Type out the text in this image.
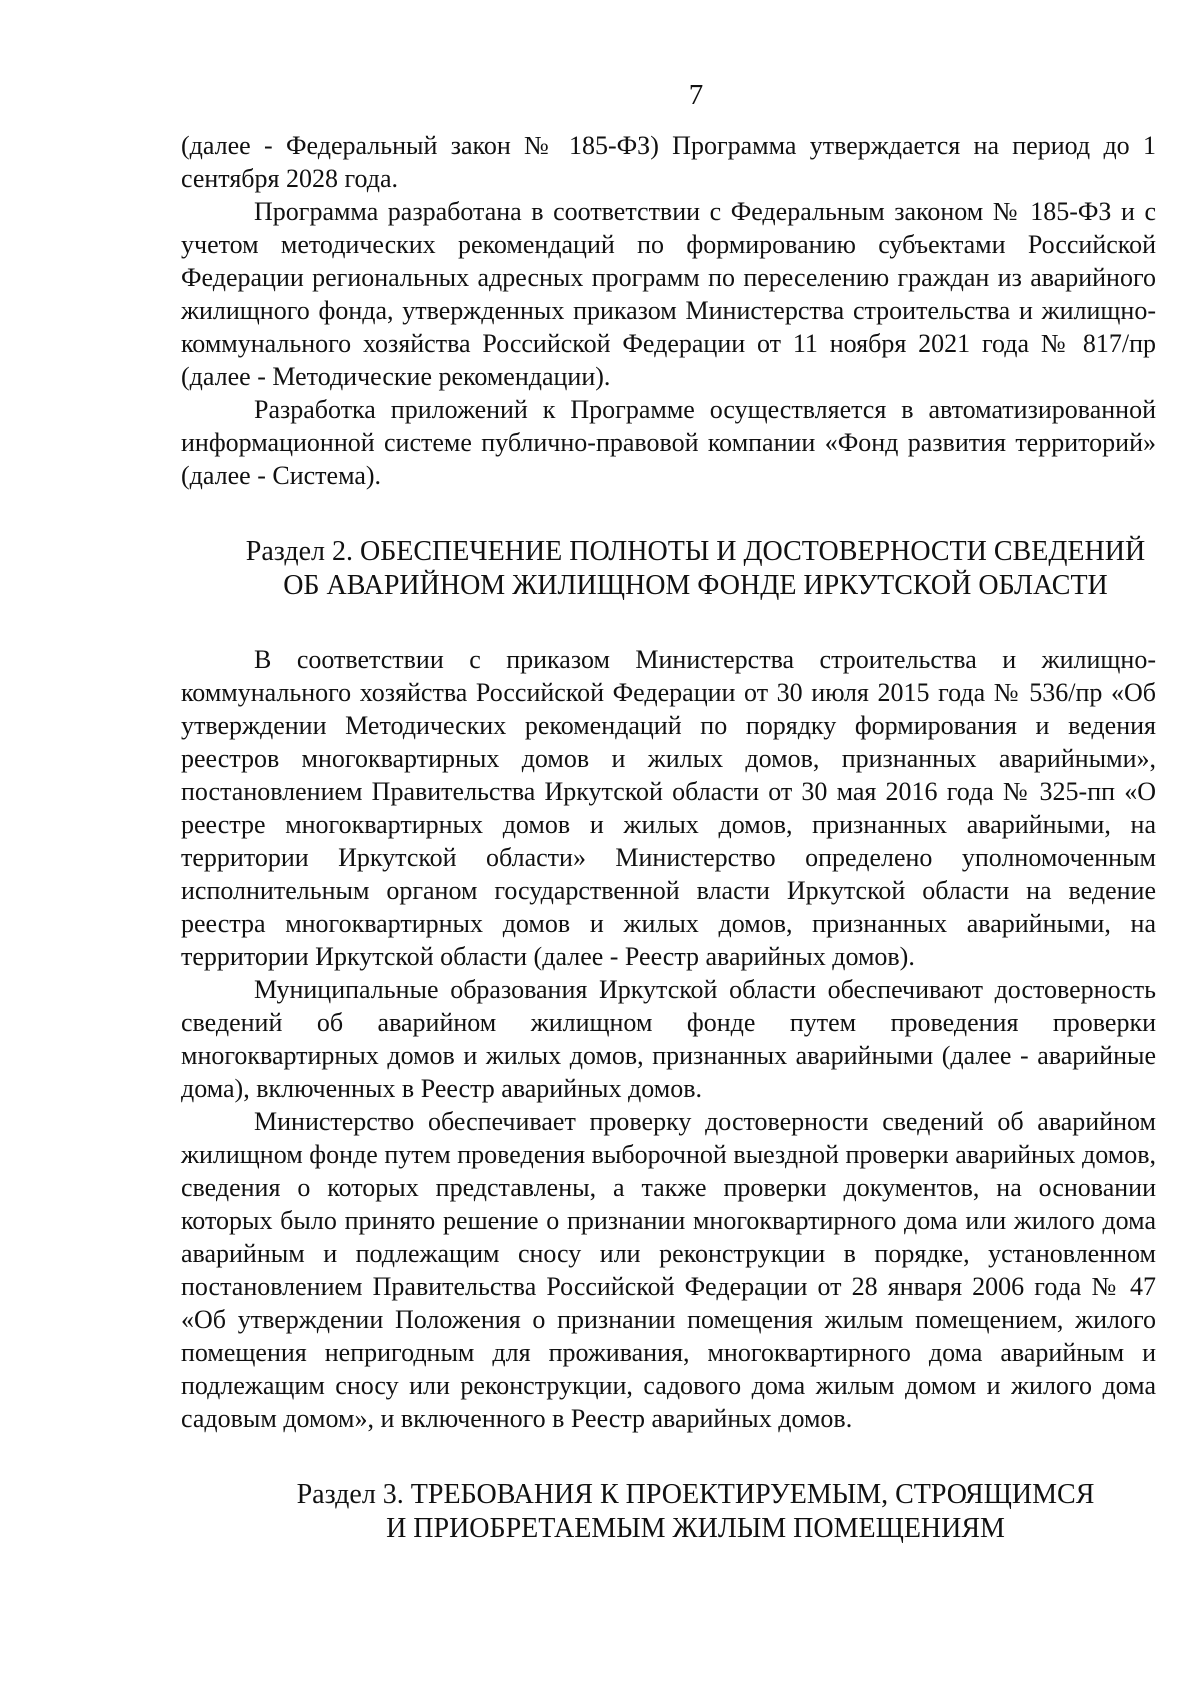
7

(далее - Федеральный закон № 185-ФЗ) Программа утверждается на период до 1 сентября 2028 года.

Программа разработана в соответствии с Федеральным законом № 185-ФЗ и с учетом методических рекомендаций по формированию субъектами Российской Федерации региональных адресных программ по переселению граждан из аварийного жилищного фонда, утвержденных приказом Министерства строительства и жилищно-коммунального хозяйства Российской Федерации от 11 ноября 2021 года № 817/пр (далее - Методические рекомендации).

Разработка приложений к Программе осуществляется в автоматизированной информационной системе публично-правовой компании «Фонд развития территорий» (далее - Система).

Раздел 2. ОБЕСПЕЧЕНИЕ ПОЛНОТЫ И ДОСТОВЕРНОСТИ СВЕДЕНИЙ
ОБ АВАРИЙНОМ ЖИЛИЩНОМ ФОНДЕ ИРКУТСКОЙ ОБЛАСТИ

В соответствии с приказом Министерства строительства и жилищно-коммунального хозяйства Российской Федерации от 30 июля 2015 года № 536/пр «Об утверждении Методических рекомендаций по порядку формирования и ведения реестров многоквартирных домов и жилых домов, признанных аварийными», постановлением Правительства Иркутской области от 30 мая 2016 года № 325-пп «О реестре многоквартирных домов и жилых домов, признанных аварийными, на территории Иркутской области» Министерство определено уполномоченным исполнительным органом государственной власти Иркутской области на ведение реестра многоквартирных домов и жилых домов, признанных аварийными, на территории Иркутской области (далее - Реестр аварийных домов).

Муниципальные образования Иркутской области обеспечивают достоверность сведений об аварийном жилищном фонде путем проведения проверки многоквартирных домов и жилых домов, признанных аварийными (далее - аварийные дома), включенных в Реестр аварийных домов.

Министерство обеспечивает проверку достоверности сведений об аварийном жилищном фонде путем проведения выборочной выездной проверки аварийных домов, сведения о которых представлены, а также проверки документов, на основании которых было принято решение о признании многоквартирного дома или жилого дома аварийным и подлежащим сносу или реконструкции в порядке, установленном постановлением Правительства Российской Федерации от 28 января 2006 года № 47 «Об утверждении Положения о признании помещения жилым помещением, жилого помещения непригодным для проживания, многоквартирного дома аварийным и подлежащим сносу или реконструкции, садового дома жилым домом и жилого дома садовым домом», и включенного в Реестр аварийных домов.

Раздел 3. ТРЕБОВАНИЯ К ПРОЕКТИРУЕМЫМ, СТРОЯЩИМСЯ
И ПРИОБРЕТАЕМЫМ ЖИЛЫМ ПОМЕЩЕНИЯМ
